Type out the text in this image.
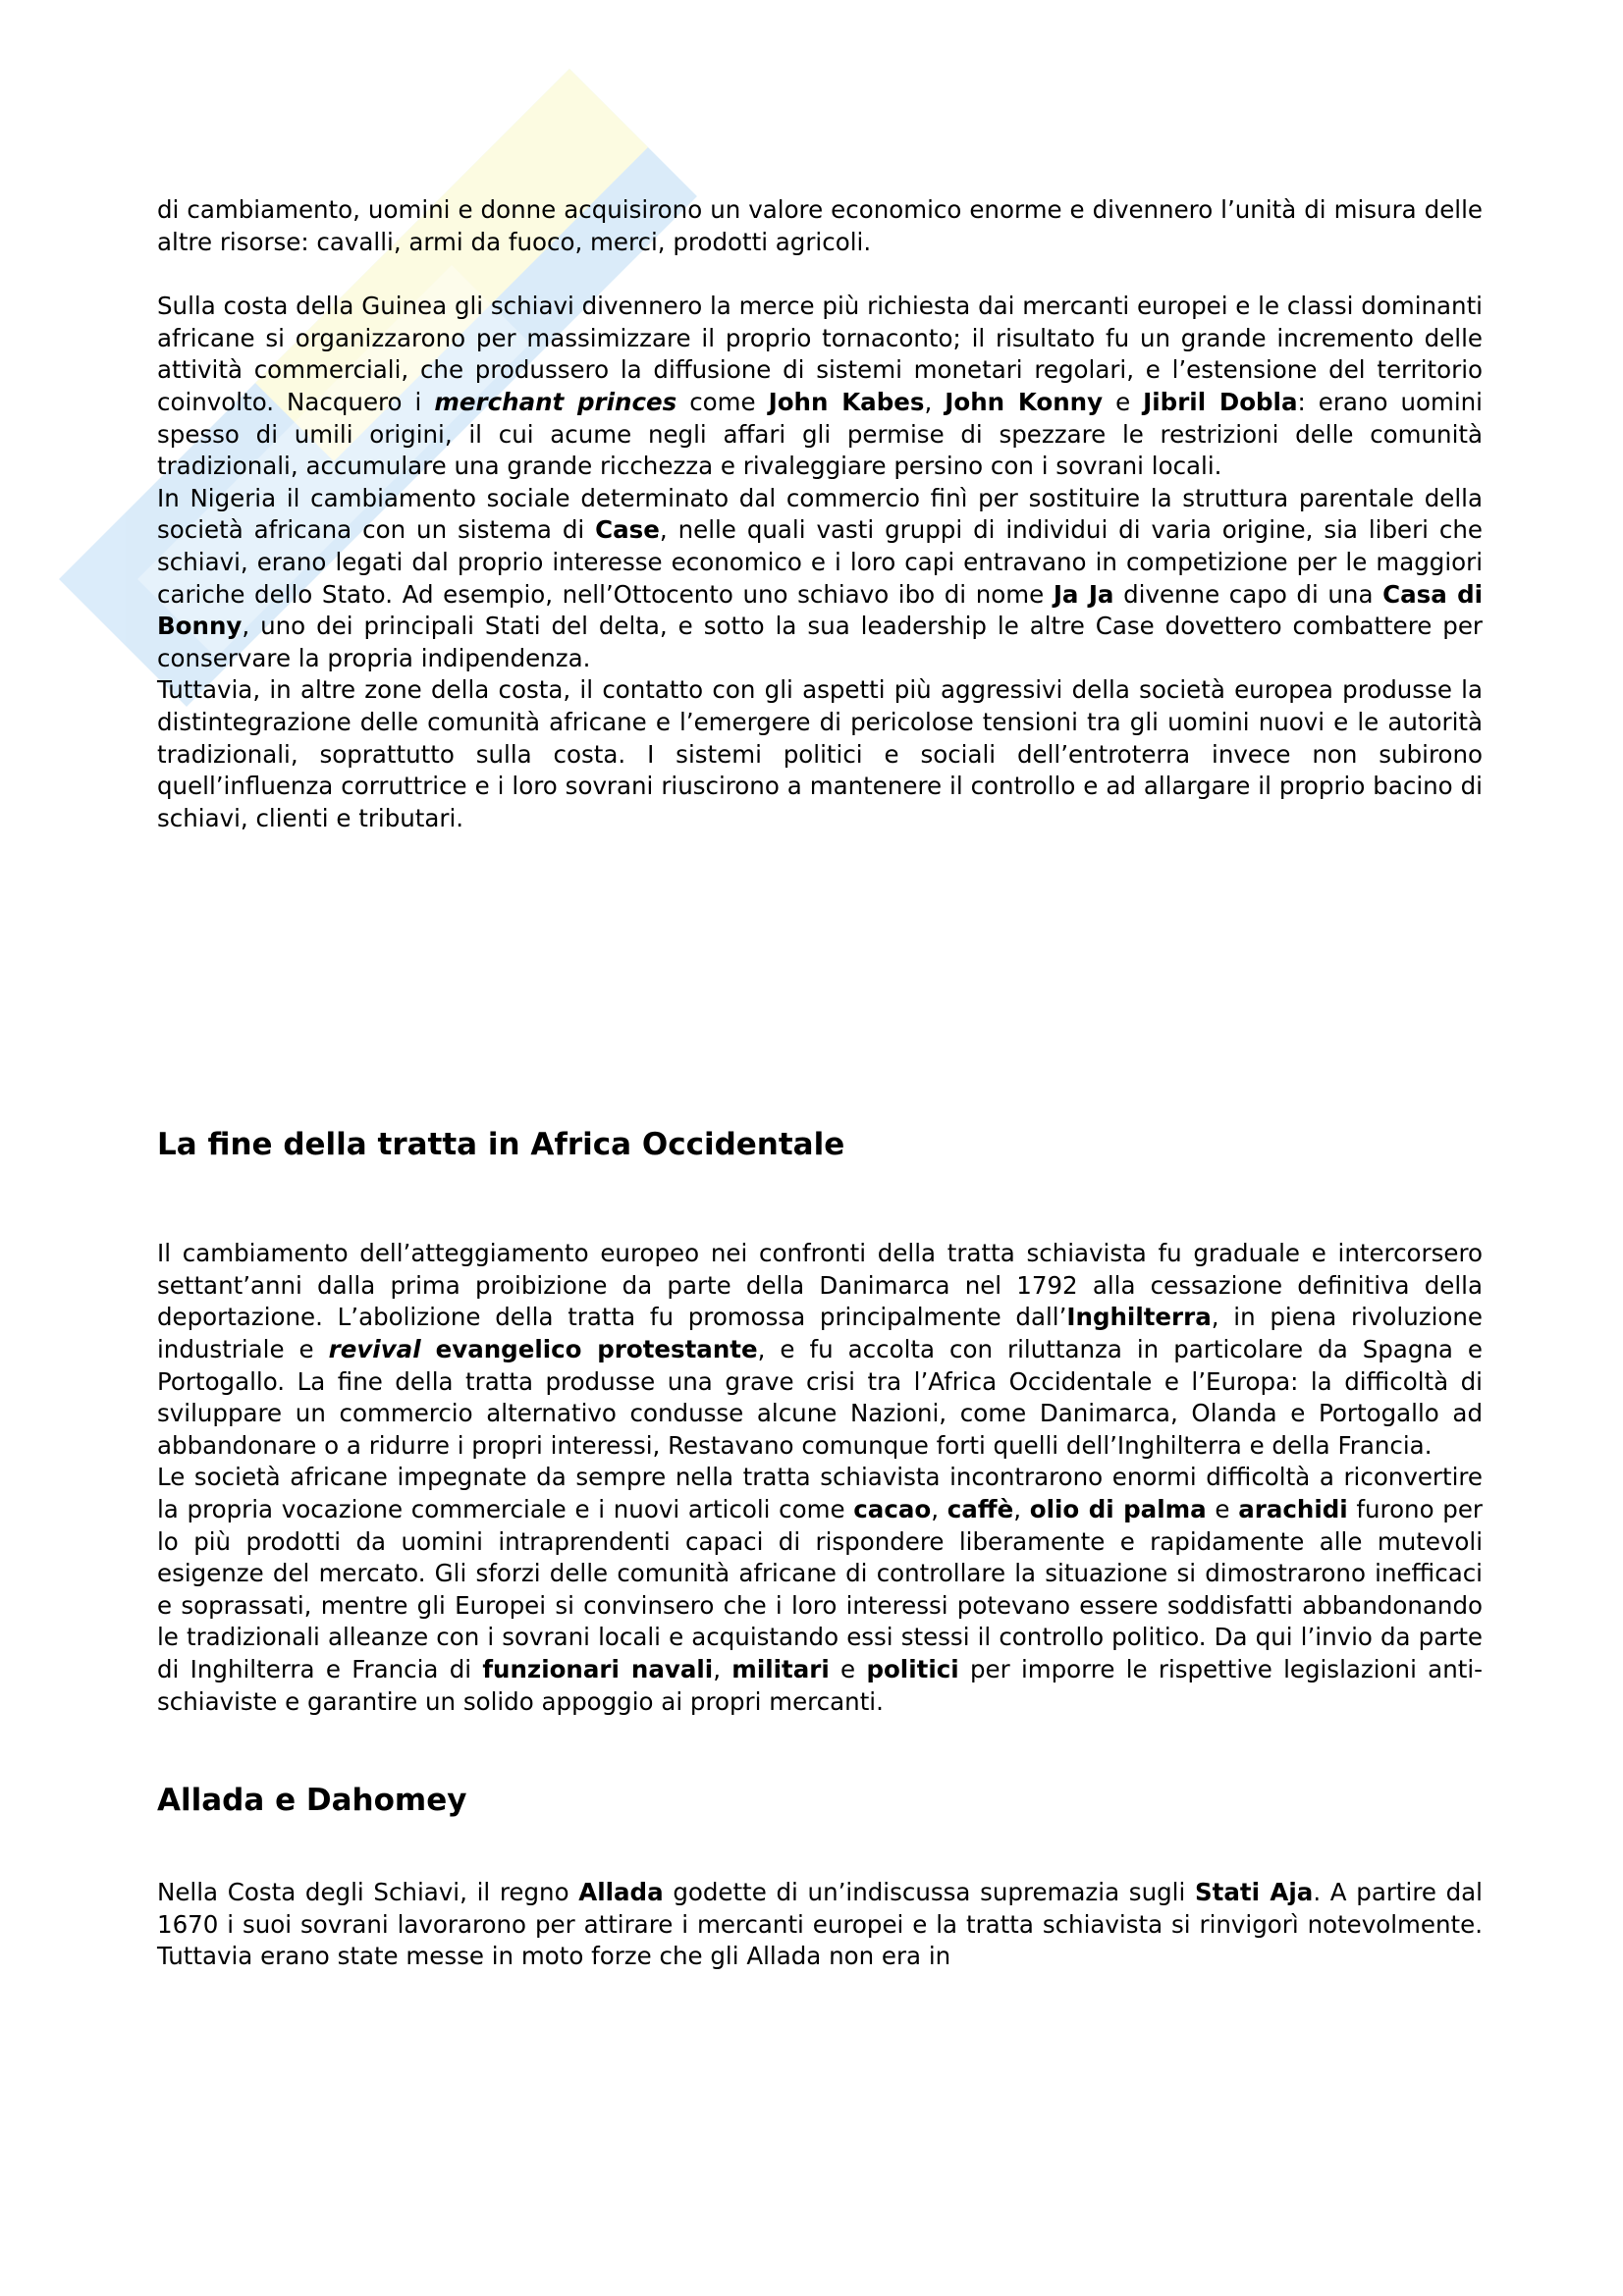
di cambiamento, uomini e donne acquisirono un valore economico enorme e divennero l’unità di misura delle altre risorse: cavalli, armi da fuoco, merci, prodotti agricoli.

Sulla costa della Guinea gli schiavi divennero la merce più richiesta dai mercanti europei e le classi dominanti africane si organizzarono per massimizzare il proprio tornaconto; il risultato fu un grande incremento delle attività commerciali, che produssero la diffusione di sistemi monetari regolari, e l’estensione del territorio coinvolto. Nacquero i merchant princes come John Kabes, John Konny e Jibril Dobla: erano uomini spesso di umili origini, il cui acume negli affari gli permise di spezzare le restrizioni delle comunità tradizionali, accumulare una grande ricchezza e rivaleggiare persino con i sovrani locali.

In Nigeria il cambiamento sociale determinato dal commercio finì per sostituire la struttura parentale della società africana con un sistema di Case, nelle quali vasti gruppi di individui di varia origine, sia liberi che schiavi, erano legati dal proprio interesse economico e i loro capi entravano in competizione per le maggiori cariche dello Stato. Ad esempio, nell’Ottocento uno schiavo ibo di nome Ja Ja divenne capo di una Casa di Bonny, uno dei principali Stati del delta, e sotto la sua leadership le altre Case dovettero combattere per conservare la propria indipendenza.

Tuttavia, in altre zone della costa, il contatto con gli aspetti più aggressivi della società europea produsse la distintegrazione delle comunità africane e l’emergere di pericolose tensioni tra gli uomini nuovi e le autorità tradizionali, soprattutto sulla costa. I sistemi politici e sociali dell’entroterra invece non subirono quell’influenza corruttrice e i loro sovrani riuscirono a mantenere il controllo e ad allargare il proprio bacino di schiavi, clienti e tributari.

La fine della tratta in Africa Occidentale

Il cambiamento dell’atteggiamento europeo nei confronti della tratta schiavista fu graduale e intercorsero settant’anni dalla prima proibizione da parte della Danimarca nel 1792 alla cessazione definitiva della deportazione. L’abolizione della tratta fu promossa principalmente dall’Inghilterra, in piena rivoluzione industriale e revival evangelico protestante, e fu accolta con riluttanza in particolare da Spagna e Portogallo. La fine della tratta produsse una grave crisi tra l’Africa Occidentale e l’Europa: la difficoltà di sviluppare un commercio alternativo condusse alcune Nazioni, come Danimarca, Olanda e Portogallo ad abbandonare o a ridurre i propri interessi, Restavano comunque forti quelli dell’Inghilterra e della Francia.

Le società africane impegnate da sempre nella tratta schiavista incontrarono enormi difficoltà a riconvertire la propria vocazione commerciale e i nuovi articoli come cacao, caffè, olio di palma e arachidi furono per lo più prodotti da uomini intraprendenti capaci di rispondere liberamente e rapidamente alle mutevoli esigenze del mercato. Gli sforzi delle comunità africane di controllare la situazione si dimostrarono inefficaci e soprassati, mentre gli Europei si convinsero che i loro interessi potevano essere soddisfatti abbandonando le tradizionali alleanze con i sovrani locali e acquistando essi stessi il controllo politico. Da qui l’invio da parte di Inghilterra e Francia di funzionari navali, militari e politici per imporre le rispettive legislazioni anti-schiaviste e garantire un solido appoggio ai propri mercanti.

Allada e Dahomey

Nella Costa degli Schiavi, il regno Allada godette di un’indiscussa supremazia sugli Stati Aja. A partire dal 1670 i suoi sovrani lavorarono per attirare i mercanti europei e la tratta schiavista si rinvigorì notevolmente. Tuttavia erano state messe in moto forze che gli Allada non era in
